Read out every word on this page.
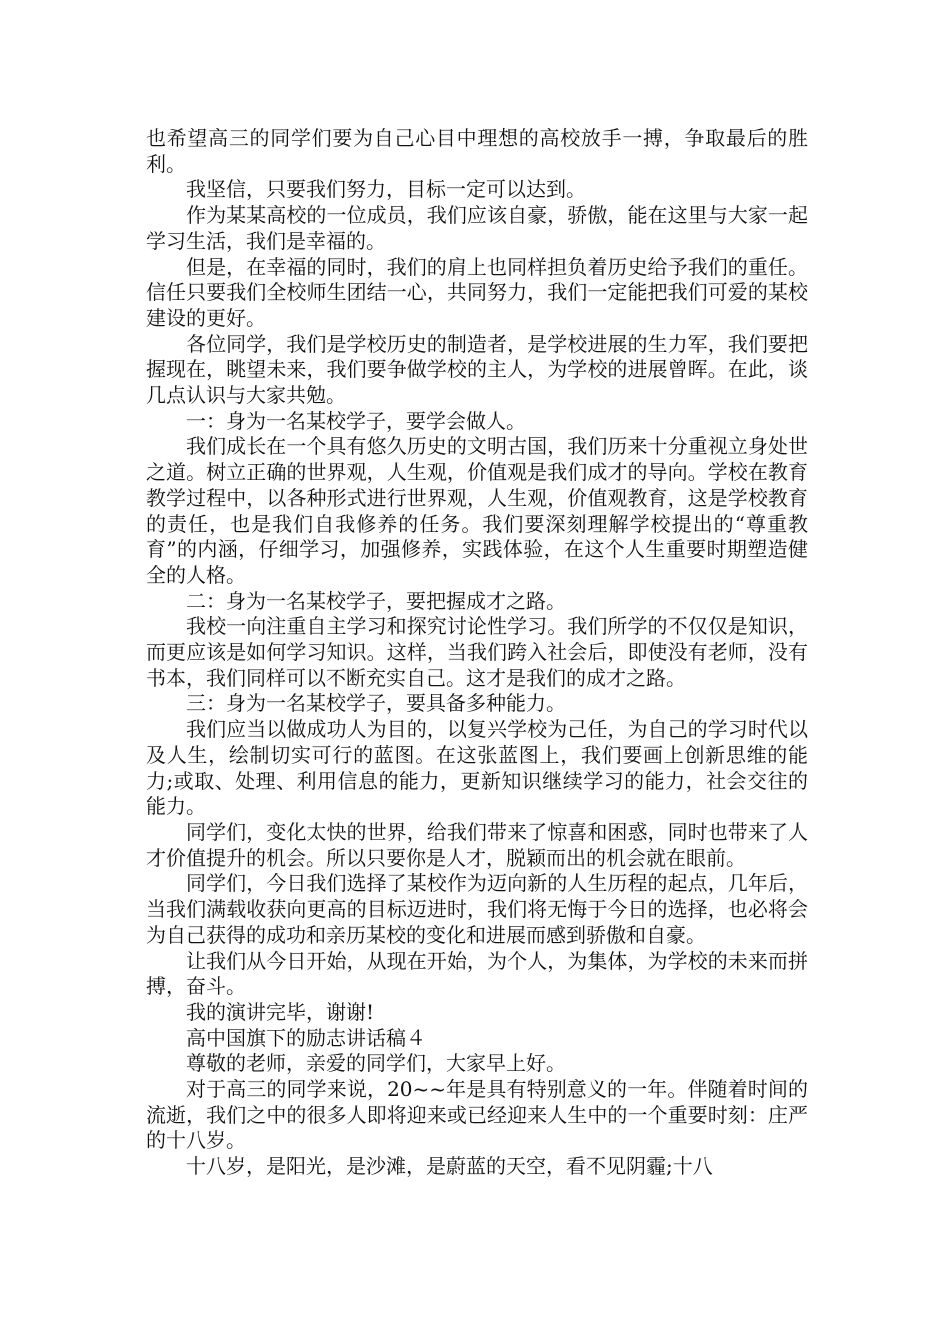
也希望高三的同学们要为自己心目中理想的高校放手一搏，争取最后的胜利。

我坚信，只要我们努力，目标一定可以达到。

作为某某高校的一位成员，我们应该自豪，骄傲，能在这里与大家一起学习生活，我们是幸福的。

但是，在幸福的同时，我们的肩上也同样担负着历史给予我们的重任。信任只要我们全校师生团结一心，共同努力，我们一定能把我们可爱的某校建设的更好。

各位同学，我们是学校历史的制造者，是学校进展的生力军，我们要把握现在，眺望未来，我们要争做学校的主人，为学校的进展曾晖。在此，谈几点认识与大家共勉。

一：身为一名某校学子，要学会做人。

我们成长在一个具有悠久历史的文明古国，我们历来十分重视立身处世之道。树立正确的世界观，人生观，价值观是我们成才的导向。学校在教育教学过程中，以各种形式进行世界观，人生观，价值观教育，这是学校教育的责任，也是我们自我修养的任务。我们要深刻理解学校提出的“尊重教育”的内涵，仔细学习，加强修养，实践体验，在这个人生重要时期塑造健全的人格。

二：身为一名某校学子，要把握成才之路。

我校一向注重自主学习和探究讨论性学习。我们所学的不仅仅是知识，而更应该是如何学习知识。这样，当我们跨入社会后，即使没有老师，没有书本，我们同样可以不断充实自己。这才是我们的成才之路。

三：身为一名某校学子，要具备多种能力。

我们应当以做成功人为目的，以复兴学校为己任，为自己的学习时代以及人生，绘制切实可行的蓝图。在这张蓝图上，我们要画上创新思维的能力;或取、处理、利用信息的能力，更新知识继续学习的能力，社会交往的能力。

同学们，变化太快的世界，给我们带来了惊喜和困惑，同时也带来了人才价值提升的机会。所以只要你是人才，脱颖而出的机会就在眼前。

同学们，今日我们选择了某校作为迈向新的人生历程的起点，几年后，当我们满载收获向更高的目标迈进时，我们将无悔于今日的选择，也必将会为自己获得的成功和亲历某校的变化和进展而感到骄傲和自豪。

让我们从今日开始，从现在开始，为个人，为集体，为学校的未来而拼搏，奋斗。

我的演讲完毕，谢谢!

高中国旗下的励志讲话稿４

尊敬的老师，亲爱的同学们，大家早上好。

对于高三的同学来说，20~~年是具有特别意义的一年。伴随着时间的流逝，我们之中的很多人即将迎来或已经迎来人生中的一个重要时刻：庄严的十八岁。

十八岁，是阳光，是沙滩，是蔚蓝的天空，看不见阴霾;十八
